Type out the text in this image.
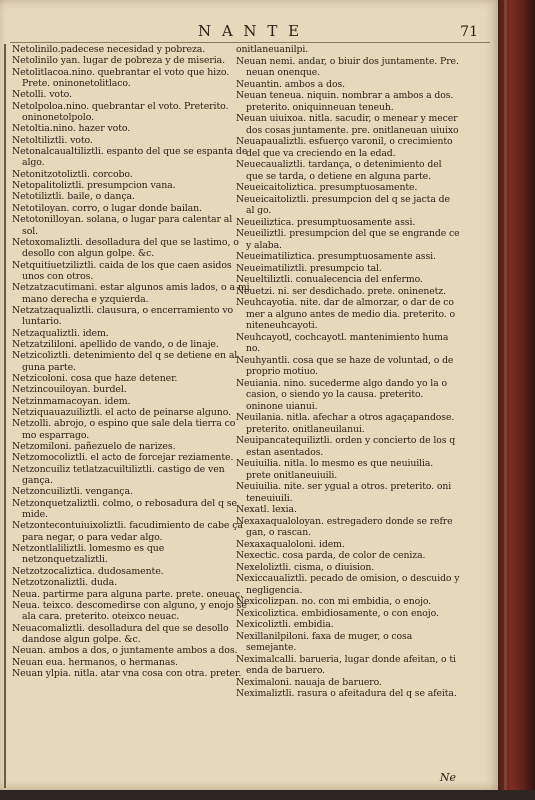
N A N T E	71
Netolinilo.padecese necesidad y pobreza.
Netolinilo yan. lugar de pobreza y de miseria.
Netolitlacoa.nino. quebrantar el voto que hizo. Prete. oninonetolitlaco.
Netolli. voto.
Netolpoloa.nino. quebrantar el voto. Preterito. oninonetolpolo.
Netoltia.nino. hazer voto.
Netoltiliztli. voto.
Netonalcaualtiliztli. espanto del que se espanta de algo.
Netonitzotoliztli. corcobo.
Netopalitoliztli. presumpcion vana.
Netotiliztli. baile, o dança.
Netotiloyan. corro, o lugar donde bailan.
Netotonilloyan. solana, o lugar para calentar al sol.
Netoxomaliztli. desolladura del que se lastimo, o desollo con algun golpe. &c.
Netquitiuetziliztli. caida de los que caen asidos unos con otros.
Netzatzacutimani. estar algunos amis lados, o a mi mano derecha e yzquierda.
Netzatzaqualiztli. clausura, o encerramiento vo luntario.
Netzaqualiztli. idem.
Netzatzililoni. apellido de vando, o de linaje.
Netzicoliztli. detenimiento del q se detiene en al guna parte.
Netzicoloni. cosa que haze detener.
Netzincouiloyan. burdel.
Netzinmamacoyan. idem.
Netziquauazuiliztli. el acto de peinarse alguno.
Netzolli. abrojo, o espino que sale dela tierra co mo esparrago.
Netzomiloni. pañezuelo de narizes.
Netzomocoliztli. el acto de forcejar reziamente.
Netzoncuiliz tetlatzacuiltiliztli. castigo de ven gança.
Netzoncuiliztli. vengança.
Netzonquetzaliztli. colmo, o rebosadura del q se mide.
Netzontecontuiuixoliztli. facudimiento de cabe ça para negar, o para vedar algo.
Netzontlaliliztli. lomesmo es que netzonquetzaliztli.
Netzotzocaliztica. dudosamente.
Netzotzonaliztli. duda.
Neua. partirme para alguna parte. prete. oneuac.
Neua. teixco. descomedirse con alguno, y enojo se ala cara. preterito. oteixco neuac.
Neuacomaliztli. desolladura del que se desollo dandose algun golpe. &c.
Neuan. ambos a dos, o juntamente ambos a dos.
Neuan eua. hermanos, o hermanas.
Neuan ylpia. nitla. atar vna cosa con otra. preter.
onitlaneuanilpi.
Neuan nemi. andar, o biuir dos juntamente. Pre. neuan onenque.
Neuantin. ambos a dos.
Neuan teneua. niquin. nombrar a ambos a dos. preterito. oniquinneuan teneuh.
Neuan uiuixoa. nitla. sacudir, o menear y mecer dos cosas juntamente. pre. onitlaneuan uiuixo
Neuapaualiztli. esfuerço varonil, o crecimiento del que va creciendo en la edad.
Neuecaualiztli. tardança, o detenimiento del que se tarda, o detiene en alguna parte.
Neueicaitoliztica. presumptuosamente.
Neueicaitoliztli. presumpcion del q se jacta de al go.
Neueiliztica. presumptuosamente assi.
Neueiliztli. presumpcion del que se engrande ce y alaba.
Neueimatiliztica. presumptuosamente assi.
Neueimatiliztli. presumpcio tal.
Neueltiliztli. conualecencia del enfermo.
Neuetzi. ni. ser desdichado. prete. oninenetz.
Neuhcayotia. nite. dar de almorzar, o dar de co mer a alguno antes de medio dia. preterito. o niteneuhcayoti.
Neuhcayotl, cochcayotl. mantenimiento huma no.
Neuhyantli. cosa que se haze de voluntad, o de proprio motiuo.
Neuiania. nino. sucederme algo dando yo la o casion, o siendo yo la causa. preterito. oninone uianui.
Neuilania. nitla. afechar a otros agaçapandose. preterito. onitlaneuilanui.
Neuipancatequiliztli. orden y concierto de los q estan asentados.
Neuiuilia. nitla. lo mesmo es que neuiuilia. prete onitlaneuiuili.
Neuiuilia. nite. ser ygual a otros. preterito. oni teneuiuili.
Nexatl. lexia.
Nexaxaqualoloyan. estregadero donde se refre gan, o rascan.
Nexaxaqualoloni. idem.
Nexectic. cosa parda, de color de ceniza.
Nexeloliztli. cisma, o diuision.
Nexiccaualiztli. pecado de omision, o descuido y negligencia.
Nexicolizpan. no. con mi embidia, o enojo.
Nexicoliztica. embidiosamente, o con enojo.
Nexicoliztli. embidia.
Nexillanilpiloni. faxa de muger, o cosa semejante.
Neximalcalli. barueria, lugar donde afeitan, o ti enda de baruero.
Neximaloni. nauaja de baruero.
Neximaliztli. rasura o afeitadura del q se afeita.
Ne
